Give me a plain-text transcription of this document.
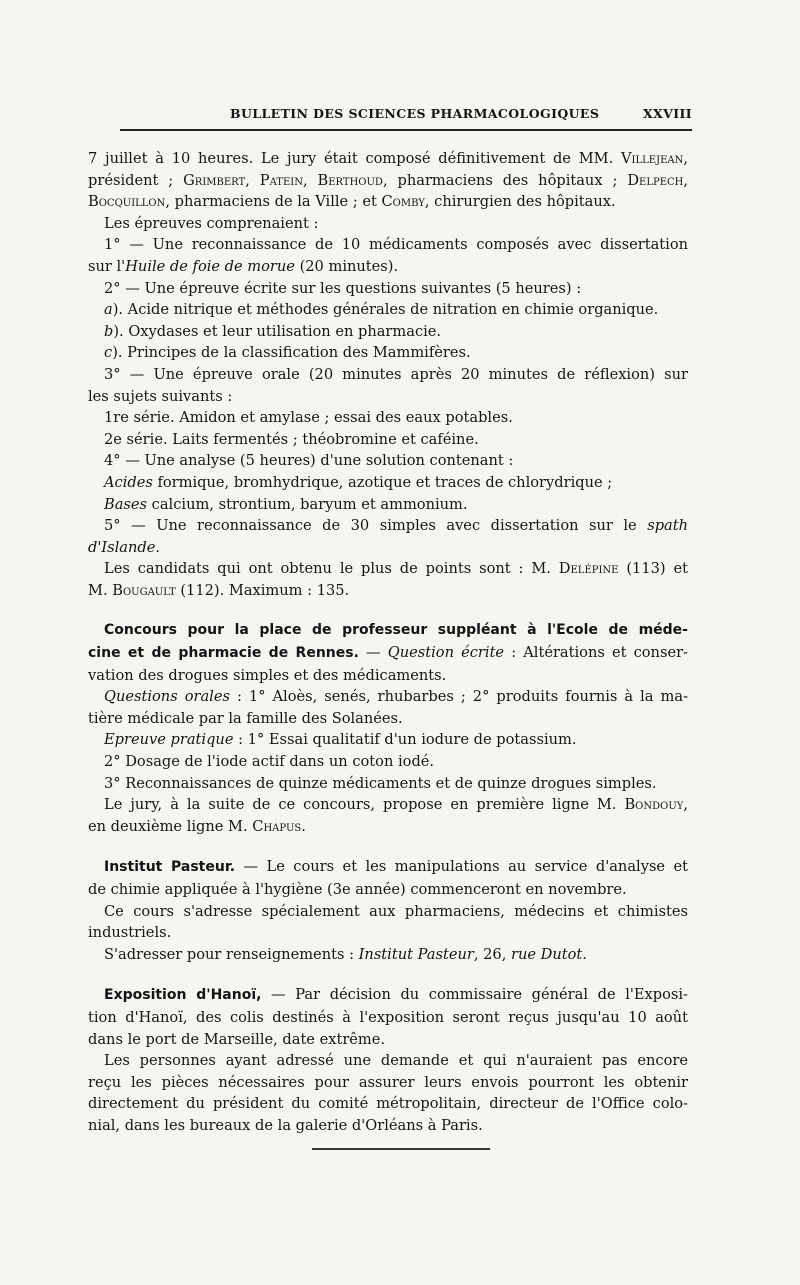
BULLETIN DES SCIENCES PHARMACOLOGIQUES	XXVIII
7 juillet à 10 heures. Le jury était composé définitivement de MM. Villejean,
président ; Grimbert, Patein, Berthoud, pharmaciens des hôpitaux ; Delpech,
Bocquillon, pharmaciens de la Ville ; et Comby, chirurgien des hôpitaux.
Les épreuves comprenaient :
1° — Une reconnaissance de 10 médicaments composés avec dissertation
sur l'Huile de foie de morue (20 minutes).
2° — Une épreuve écrite sur les questions suivantes (5 heures) :
a). Acide nitrique et méthodes générales de nitration en chimie organique.
b). Oxydases et leur utilisation en pharmacie.
c). Principes de la classification des Mammifères.
3° — Une épreuve orale (20 minutes après 20 minutes de réflexion) sur
les sujets suivants :
1re série. Amidon et amylase ; essai des eaux potables.
2e série. Laits fermentés ; théobromine et caféine.
4° — Une analyse (5 heures) d'une solution contenant :
Acides formique, bromhydrique, azotique et traces de chlorydrique ;
Bases calcium, strontium, baryum et ammonium.
5° — Une reconnaissance de 30 simples avec dissertation sur le spath
d'Islande.
Les candidats qui ont obtenu le plus de points sont : M. Delépine (113) et
M. Bougault (112). Maximum : 135.
Concours pour la place de professeur suppléant à l'Ecole de méde-
cine et de pharmacie de Rennes. — Question écrite : Altérations et conser-
vation des drogues simples et des médicaments.
Questions orales : 1° Aloès, senés, rhubarbes ; 2° produits fournis à la ma-
tière médicale par la famille des Solanées.
Epreuve pratique : 1° Essai qualitatif d'un iodure de potassium.
2° Dosage de l'iode actif dans un coton iodé.
3° Reconnaissances de quinze médicaments et de quinze drogues simples.
Le jury, à la suite de ce concours, propose en première ligne M. Bondouy,
en deuxième ligne M. Chapus.
Institut Pasteur. — Le cours et les manipulations au service d'analyse et
de chimie appliquée à l'hygiène (3e année) commenceront en novembre.
Ce cours s'adresse spécialement aux pharmaciens, médecins et chimistes
industriels.
S'adresser pour renseignements : Institut Pasteur, 26, rue Dutot.
Exposition d'Hanoï, — Par décision du commissaire général de l'Exposi-
tion d'Hanoï, des colis destinés à l'exposition seront reçus jusqu'au 10 août
dans le port de Marseille, date extrême.
Les personnes ayant adressé une demande et qui n'auraient pas encore
reçu les pièces nécessaires pour assurer leurs envois pourront les obtenir
directement du président du comité métropolitain, directeur de l'Office colo-
nial, dans les bureaux de la galerie d'Orléans à Paris.
